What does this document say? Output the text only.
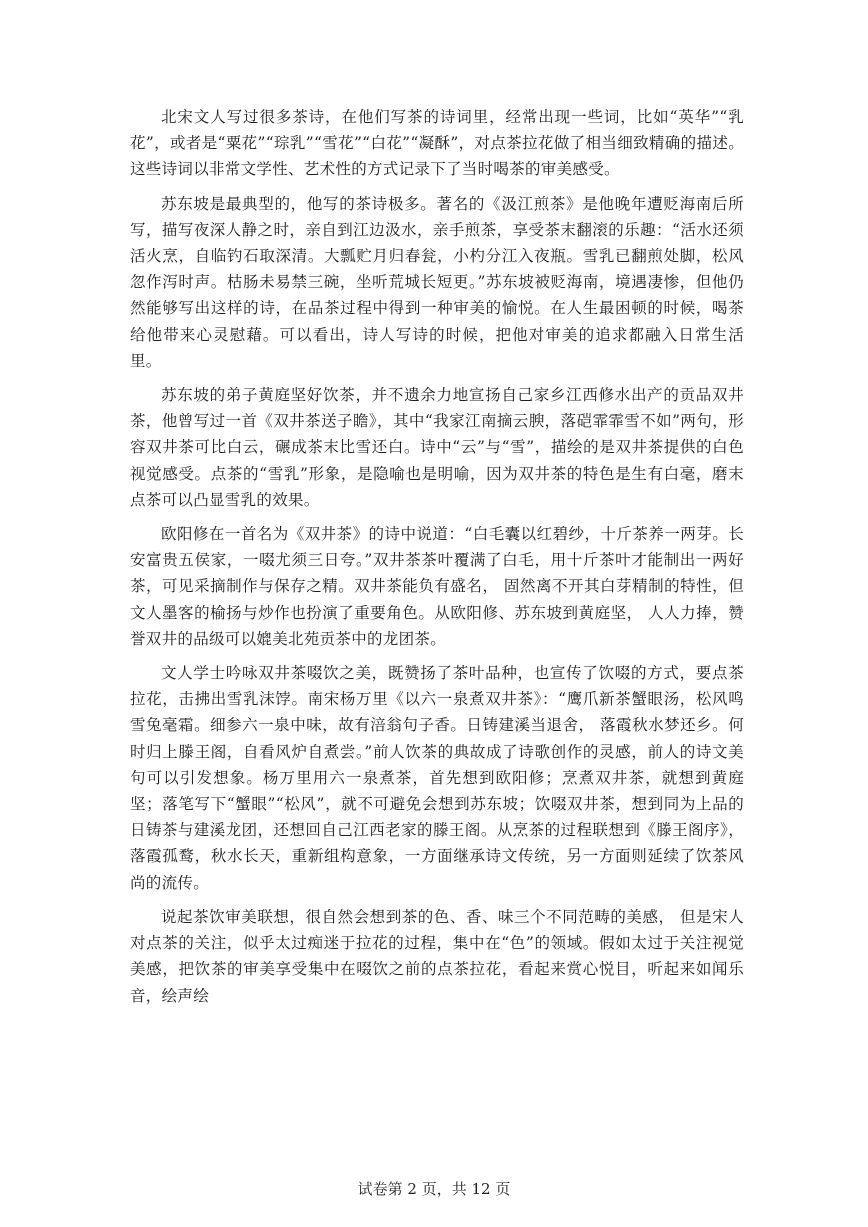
北宋文人写过很多茶诗，在他们写茶的诗词里，经常出现一些词，比如“英华”“乳花”，或者是“粟花”“琮乳”“雪花”“白花”“凝酥”，对点茶拉花做了相当细致精确的描述。这些诗词以非常文学性、艺术性的方式记录下了当时喝茶的审美感受。

苏东坡是最典型的，他写的茶诗极多。著名的《汲江煎茶》是他晚年遭贬海南后所写，描写夜深人静之时，亲自到江边汲水，亲手煎茶，享受茶末翻滚的乐趣：“活水还须活火烹，自临钓石取深清。大瓢贮月归春瓮，小杓分江入夜瓶。雪乳已翻煎处脚，松风忽作泻时声。枯肠未易禁三碗，坐听荒城长短更。”苏东坡被贬海南，境遇凄惨，但他仍然能够写出这样的诗，在品茶过程中得到一种审美的愉悦。在人生最困顿的时候，喝茶给他带来心灵慰藉。可以看出，诗人写诗的时候，把他对审美的追求都融入日常生活里。

苏东坡的弟子黄庭坚好饮茶，并不遗余力地宣扬自己家乡江西修水出产的贡品双井茶，他曾写过一首《双井茶送子瞻》，其中“我家江南摘云腴，落硙霏霏雪不如”两句，形容双井茶可比白云，碾成茶末比雪还白。诗中“云”与“雪”，描绘的是双井茶提供的白色视觉感受。点茶的“雪乳”形象，是隐喻也是明喻，因为双井茶的特色是生有白毫，磨末点茶可以凸显雪乳的效果。

欧阳修在一首名为《双井茶》的诗中说道：“白毛囊以红碧纱，十斤茶养一两芽。长安富贵五侯家，一啜尤须三日夸。”双井茶茶叶覆满了白毛，用十斤茶叶才能制出一两好茶，可见采摘制作与保存之精。双井茶能负有盛名， 固然离不开其白芽精制的特性，但文人墨客的榆扬与炒作也扮演了重要角色。从欧阳修、苏东坡到黄庭坚， 人人力捧，赞誉双井的品级可以媲美北苑贡茶中的龙团茶。

文人学士吟咏双井茶啜饮之美，既赞扬了茶叶品种，也宣传了饮啜的方式，要点茶拉花，击拂出雪乳沫饽。南宋杨万里《以六一泉煮双井茶》：“鹰爪新茶蟹眼汤，松风鸣雪兔毫霜。细参六一泉中味，故有涪翁句子香。日铸建溪当退舍， 落霞秋水梦还乡。何时归上滕王阁，自看风炉自煮尝。”前人饮茶的典故成了诗歌创作的灵感，前人的诗文美句可以引发想象。杨万里用六一泉煮茶，首先想到欧阳修；烹煮双井茶，就想到黄庭坚；落笔写下“蟹眼”“松风”，就不可避免会想到苏东坡；饮啜双井茶，想到同为上品的日铸茶与建溪龙团，还想回自己江西老家的滕王阁。从烹茶的过程联想到《滕王阁序》，落霞孤鹜，秋水长天，重新组构意象，一方面继承诗文传统，另一方面则延续了饮茶风尚的流传。

说起茶饮审美联想，很自然会想到茶的色、香、味三个不同范畴的美感， 但是宋人对点茶的关注，似乎太过痴迷于拉花的过程，集中在“色”的领域。假如太过于关注视觉美感，把饮茶的审美享受集中在啜饮之前的点茶拉花，看起来赏心悦目，听起来如闻乐音，绘声绘

试卷第 2 页，共 12 页
